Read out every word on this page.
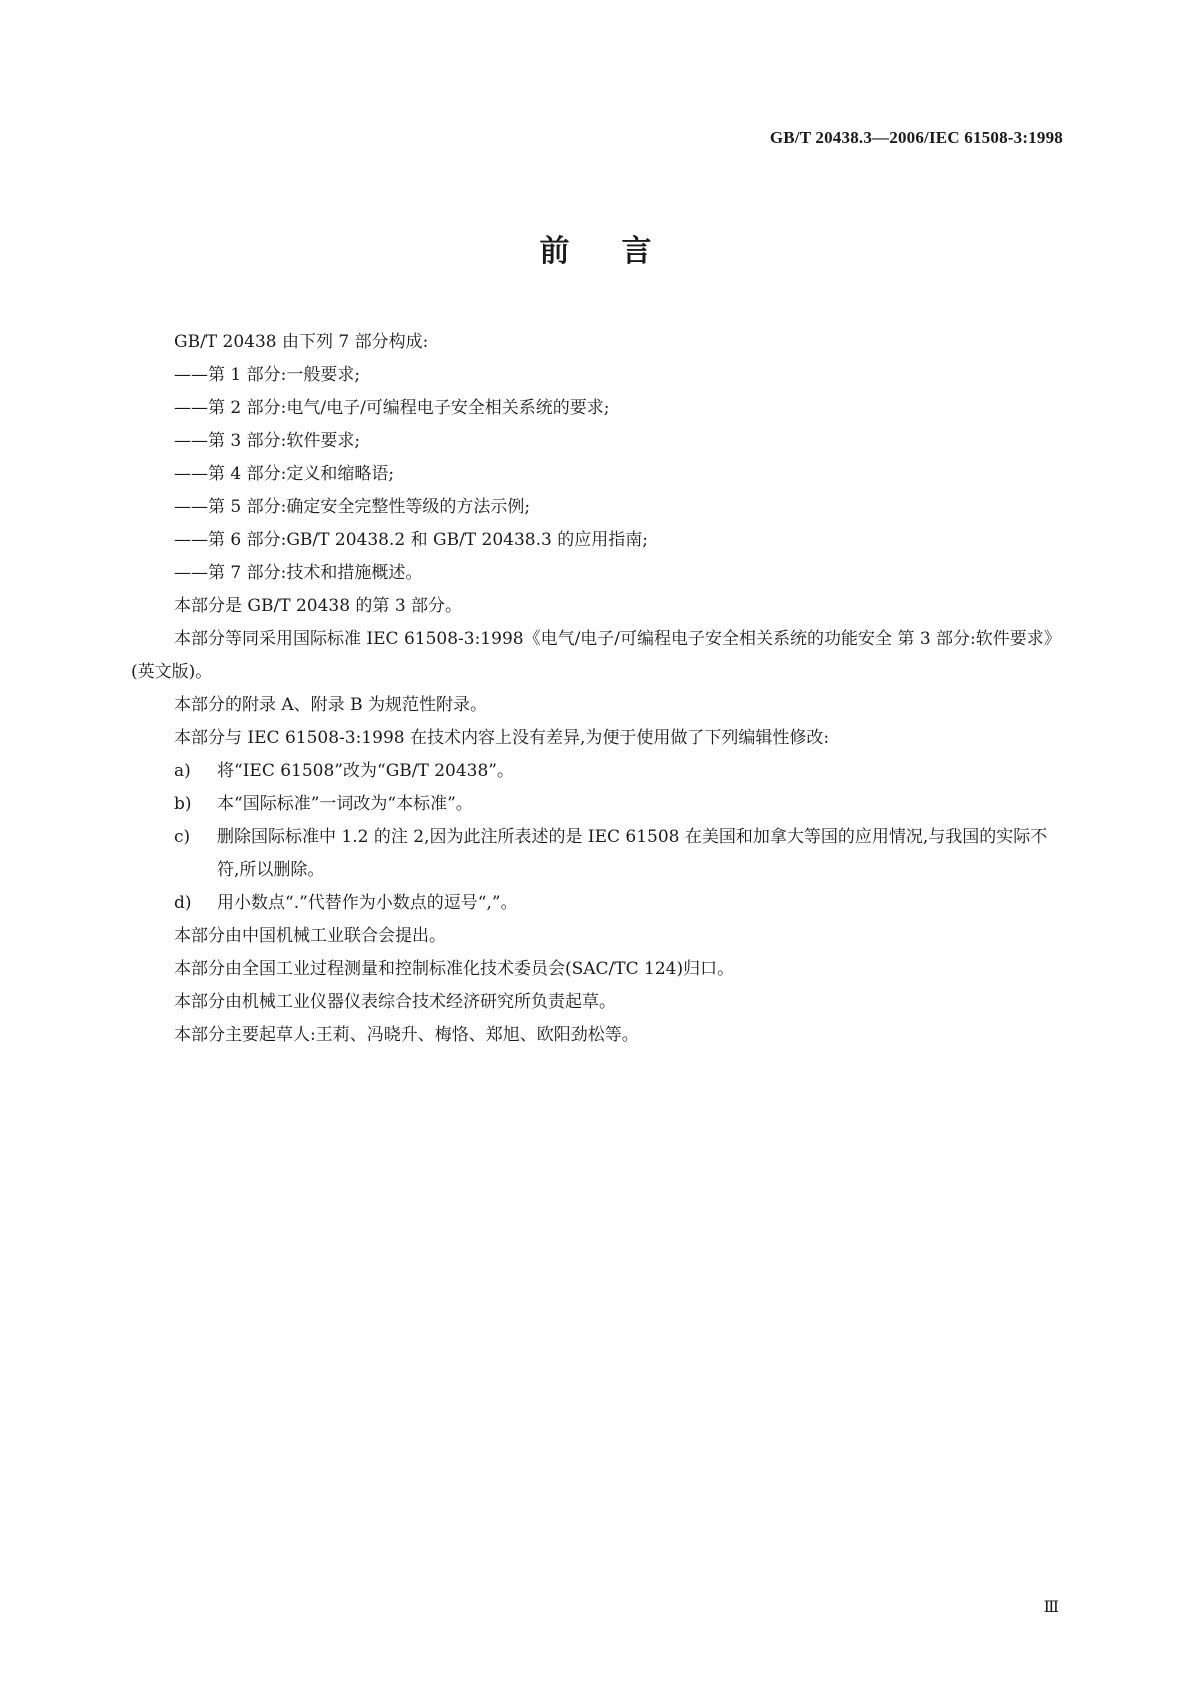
GB/T 20438.3—2006/IEC 61508-3:1998
前言
GB/T 20438 由下列 7 部分构成:
——第 1 部分:一般要求;
——第 2 部分:电气/电子/可编程电子安全相关系统的要求;
——第 3 部分:软件要求;
——第 4 部分:定义和缩略语;
——第 5 部分:确定安全完整性等级的方法示例;
——第 6 部分:GB/T 20438.2 和 GB/T 20438.3 的应用指南;
——第 7 部分:技术和措施概述。
本部分是 GB/T 20438 的第 3 部分。
本部分等同采用国际标准 IEC 61508-3:1998《电气/电子/可编程电子安全相关系统的功能安全 第 3 部分:软件要求》(英文版)。
本部分的附录 A、附录 B 为规范性附录。
本部分与 IEC 61508-3:1998 在技术内容上没有差异,为便于使用做了下列编辑性修改:
a) 将“IEC 61508”改为“GB/T 20438”。
b) 本“国际标准”一词改为“本标准”。
c) 删除国际标准中 1.2 的注 2,因为此注所表述的是 IEC 61508 在美国和加拿大等国的应用情况,与我国的实际不符,所以删除。
d) 用小数点“.”代替作为小数点的逗号“,”。
本部分由中国机械工业联合会提出。
本部分由全国工业过程测量和控制标准化技术委员会(SAC/TC 124)归口。
本部分由机械工业仪器仪表综合技术经济研究所负责起草。
本部分主要起草人:王莉、冯晓升、梅恪、郑旭、欧阳劲松等。
Ⅲ
